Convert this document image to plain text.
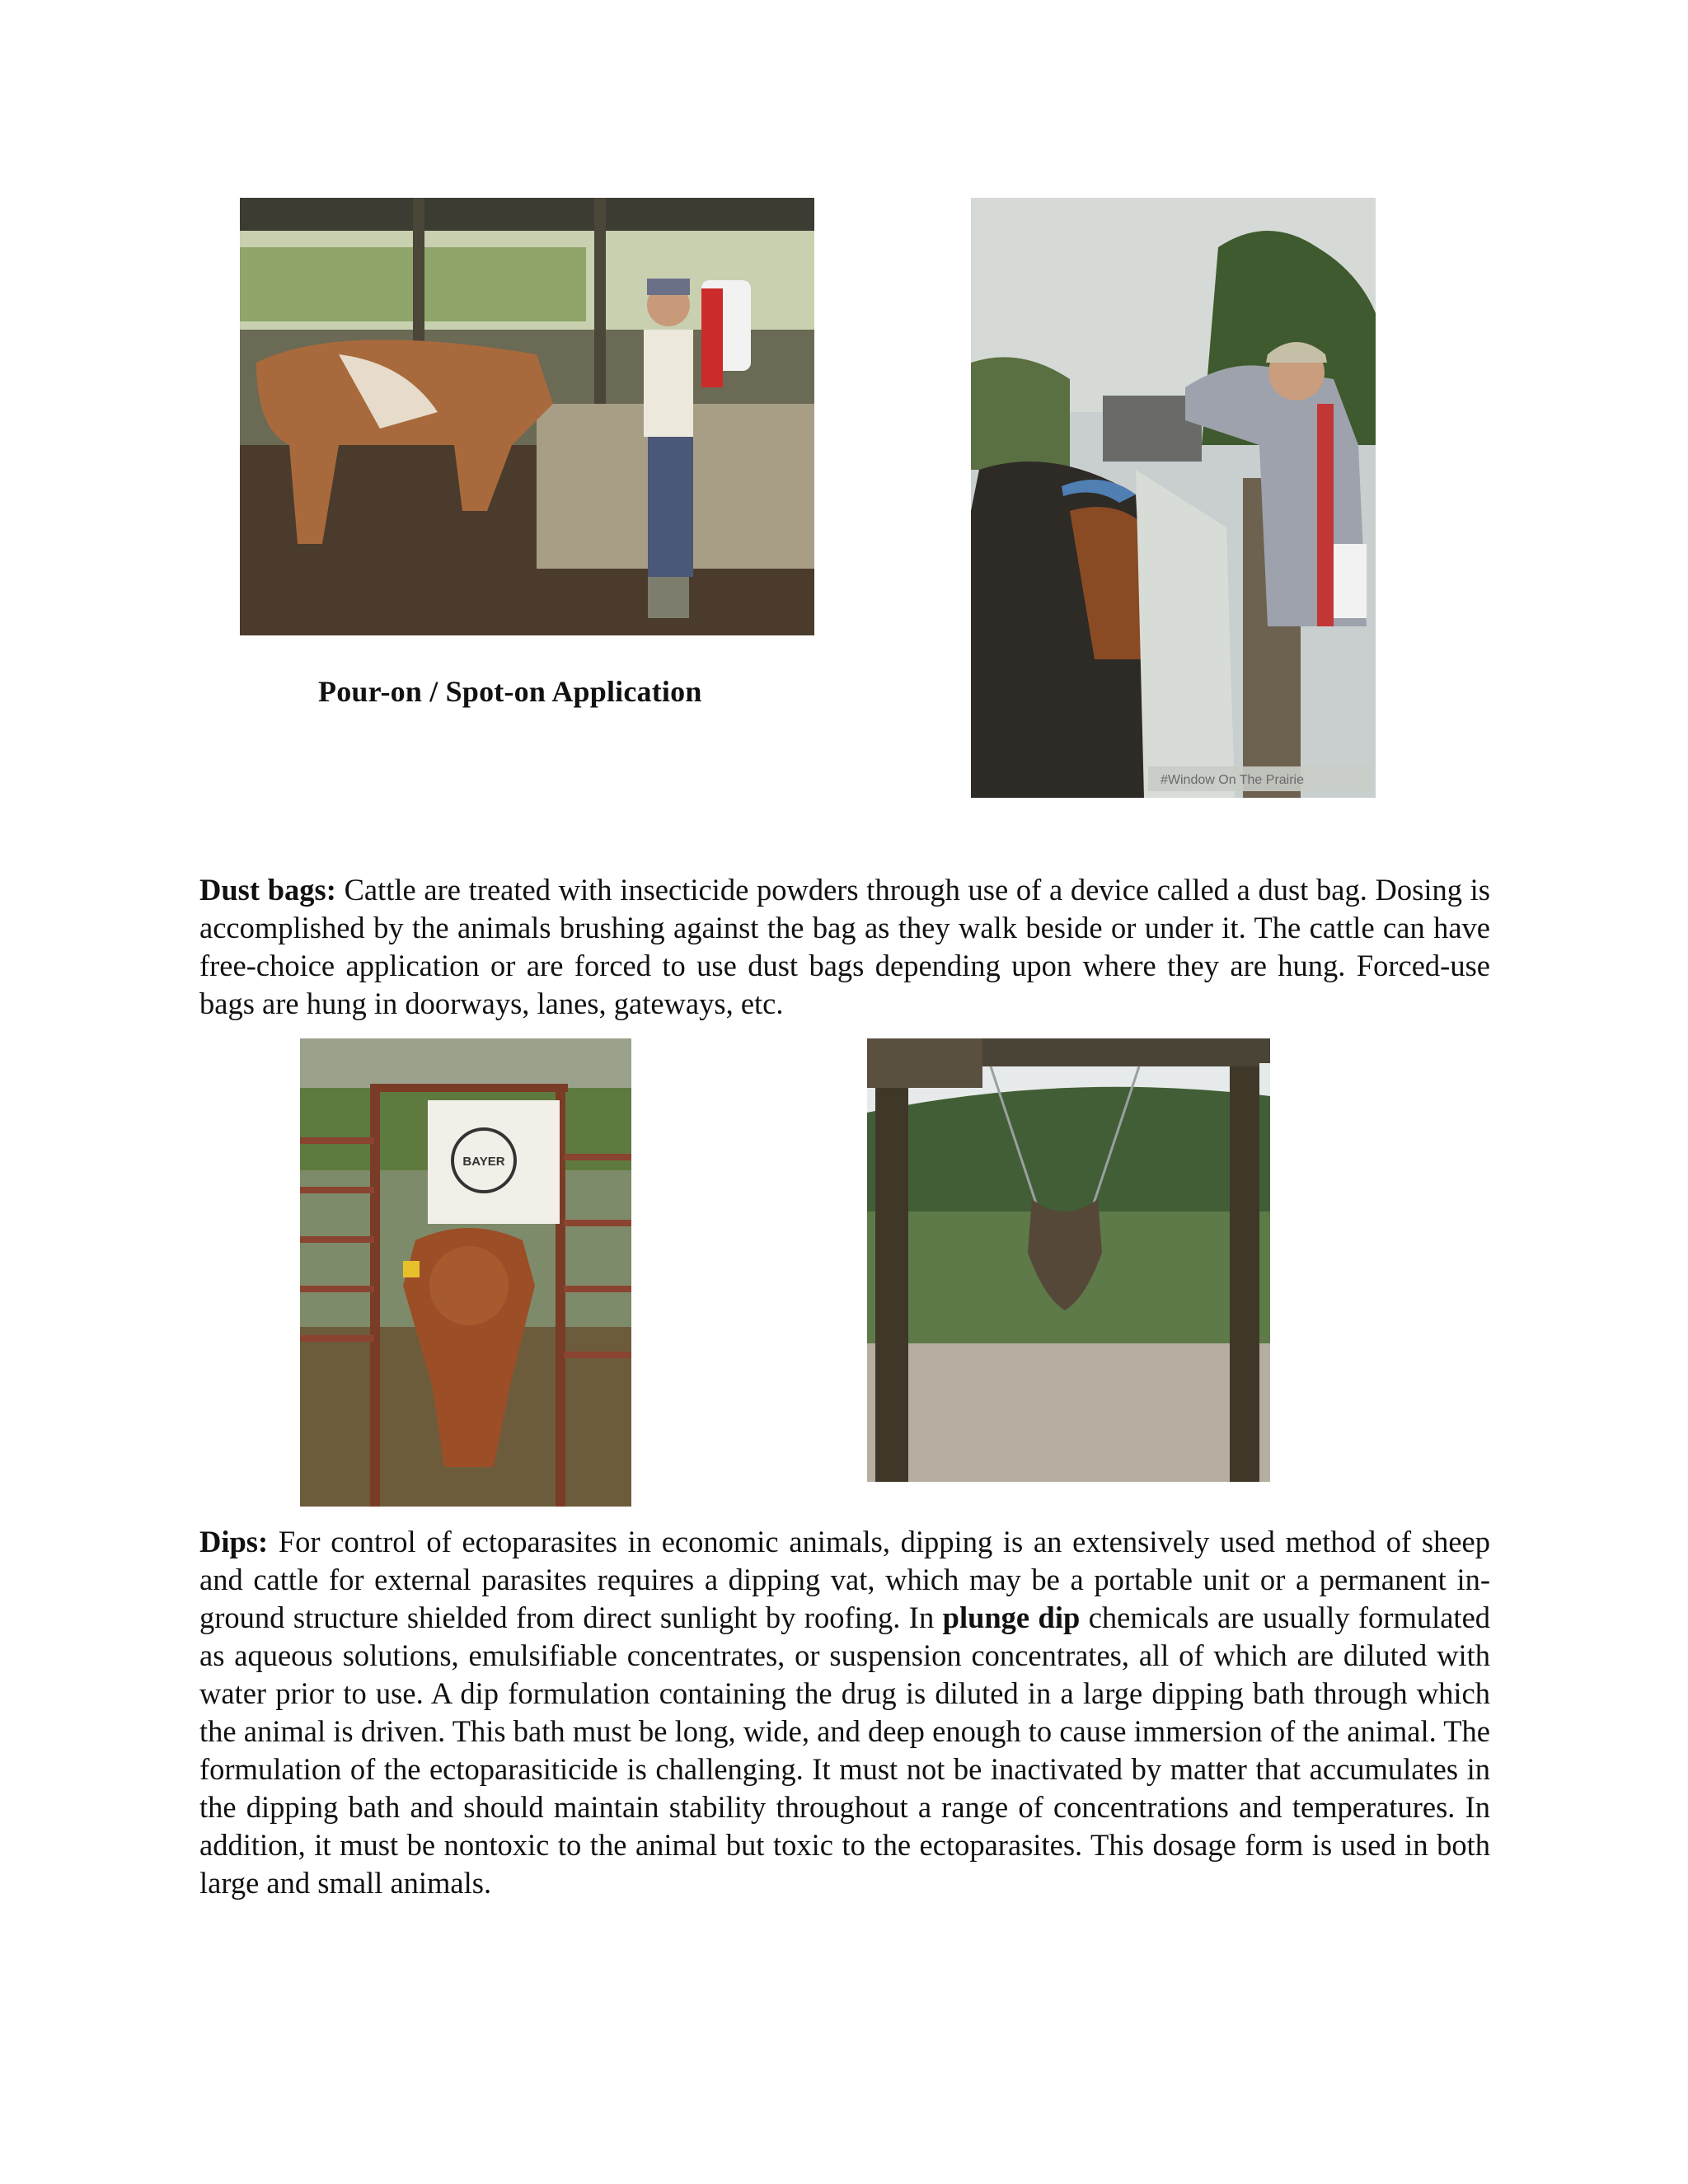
#Window On The Prairie
Pour-on / Spot-on Application
Dust bags: Cattle are treated with insecticide powders through use of a device called a dust bag. Dosing is accomplished by the animals brushing against the bag as they walk beside or under it. The cattle can have free-choice application or are forced to use dust bags depending upon where they are hung. Forced-use bags are hung in doorways, lanes, gateways, etc.
BAYER
Dips: For control of ectoparasites in economic animals, dipping is an extensively used method of sheep and cattle for external parasites requires a dipping vat, which may be a portable unit or a permanent in-ground structure shielded from direct sunlight by roofing. In plunge dip chemicals are usually formulated as aqueous solutions, emulsifiable concentrates, or suspension concentrates, all of which are diluted with water prior to use. A dip formulation containing the drug is diluted in a large dipping bath through which the animal is driven. This bath must be long, wide, and deep enough to cause immersion of the animal. The formulation of the ectoparasiticide is challenging. It must not be inactivated by matter that accumulates in the dipping bath and should maintain stability throughout a range of concentrations and temperatures. In addition, it must be nontoxic to the animal but toxic to the ectoparasites. This dosage form is used in both large and small animals.
